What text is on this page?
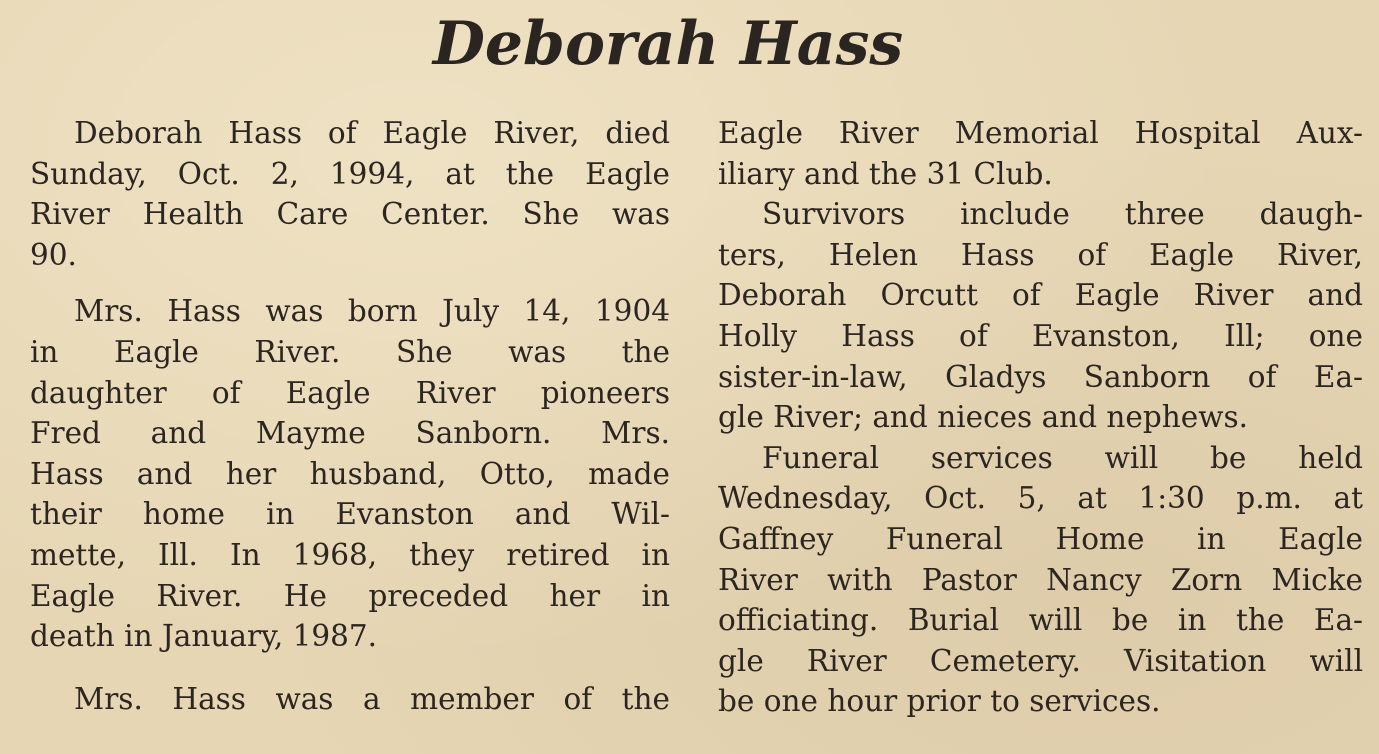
Deborah Hass
Deborah Hass of Eagle River, died
Sunday, Oct. 2, 1994, at the Eagle
River Health Care Center. She was
90.
Mrs. Hass was born July 14, 1904
in Eagle River. She was the
daughter of Eagle River pioneers
Fred and Mayme Sanborn. Mrs.
Hass and her husband, Otto, made
their home in Evanston and Wil-
mette, Ill. In 1968, they retired in
Eagle River. He preceded her in
death in January, 1987.
Mrs. Hass was a member of the
Eagle River Memorial Hospital Aux-
iliary and the 31 Club.
Survivors include three daugh-
ters, Helen Hass of Eagle River,
Deborah Orcutt of Eagle River and
Holly Hass of Evanston, Ill; one
sister-in-law, Gladys Sanborn of Ea-
gle River; and nieces and nephews.
Funeral services will be held
Wednesday, Oct. 5, at 1:30 p.m. at
Gaffney Funeral Home in Eagle
River with Pastor Nancy Zorn Micke
officiating. Burial will be in the Ea-
gle River Cemetery. Visitation will
be one hour prior to services.
